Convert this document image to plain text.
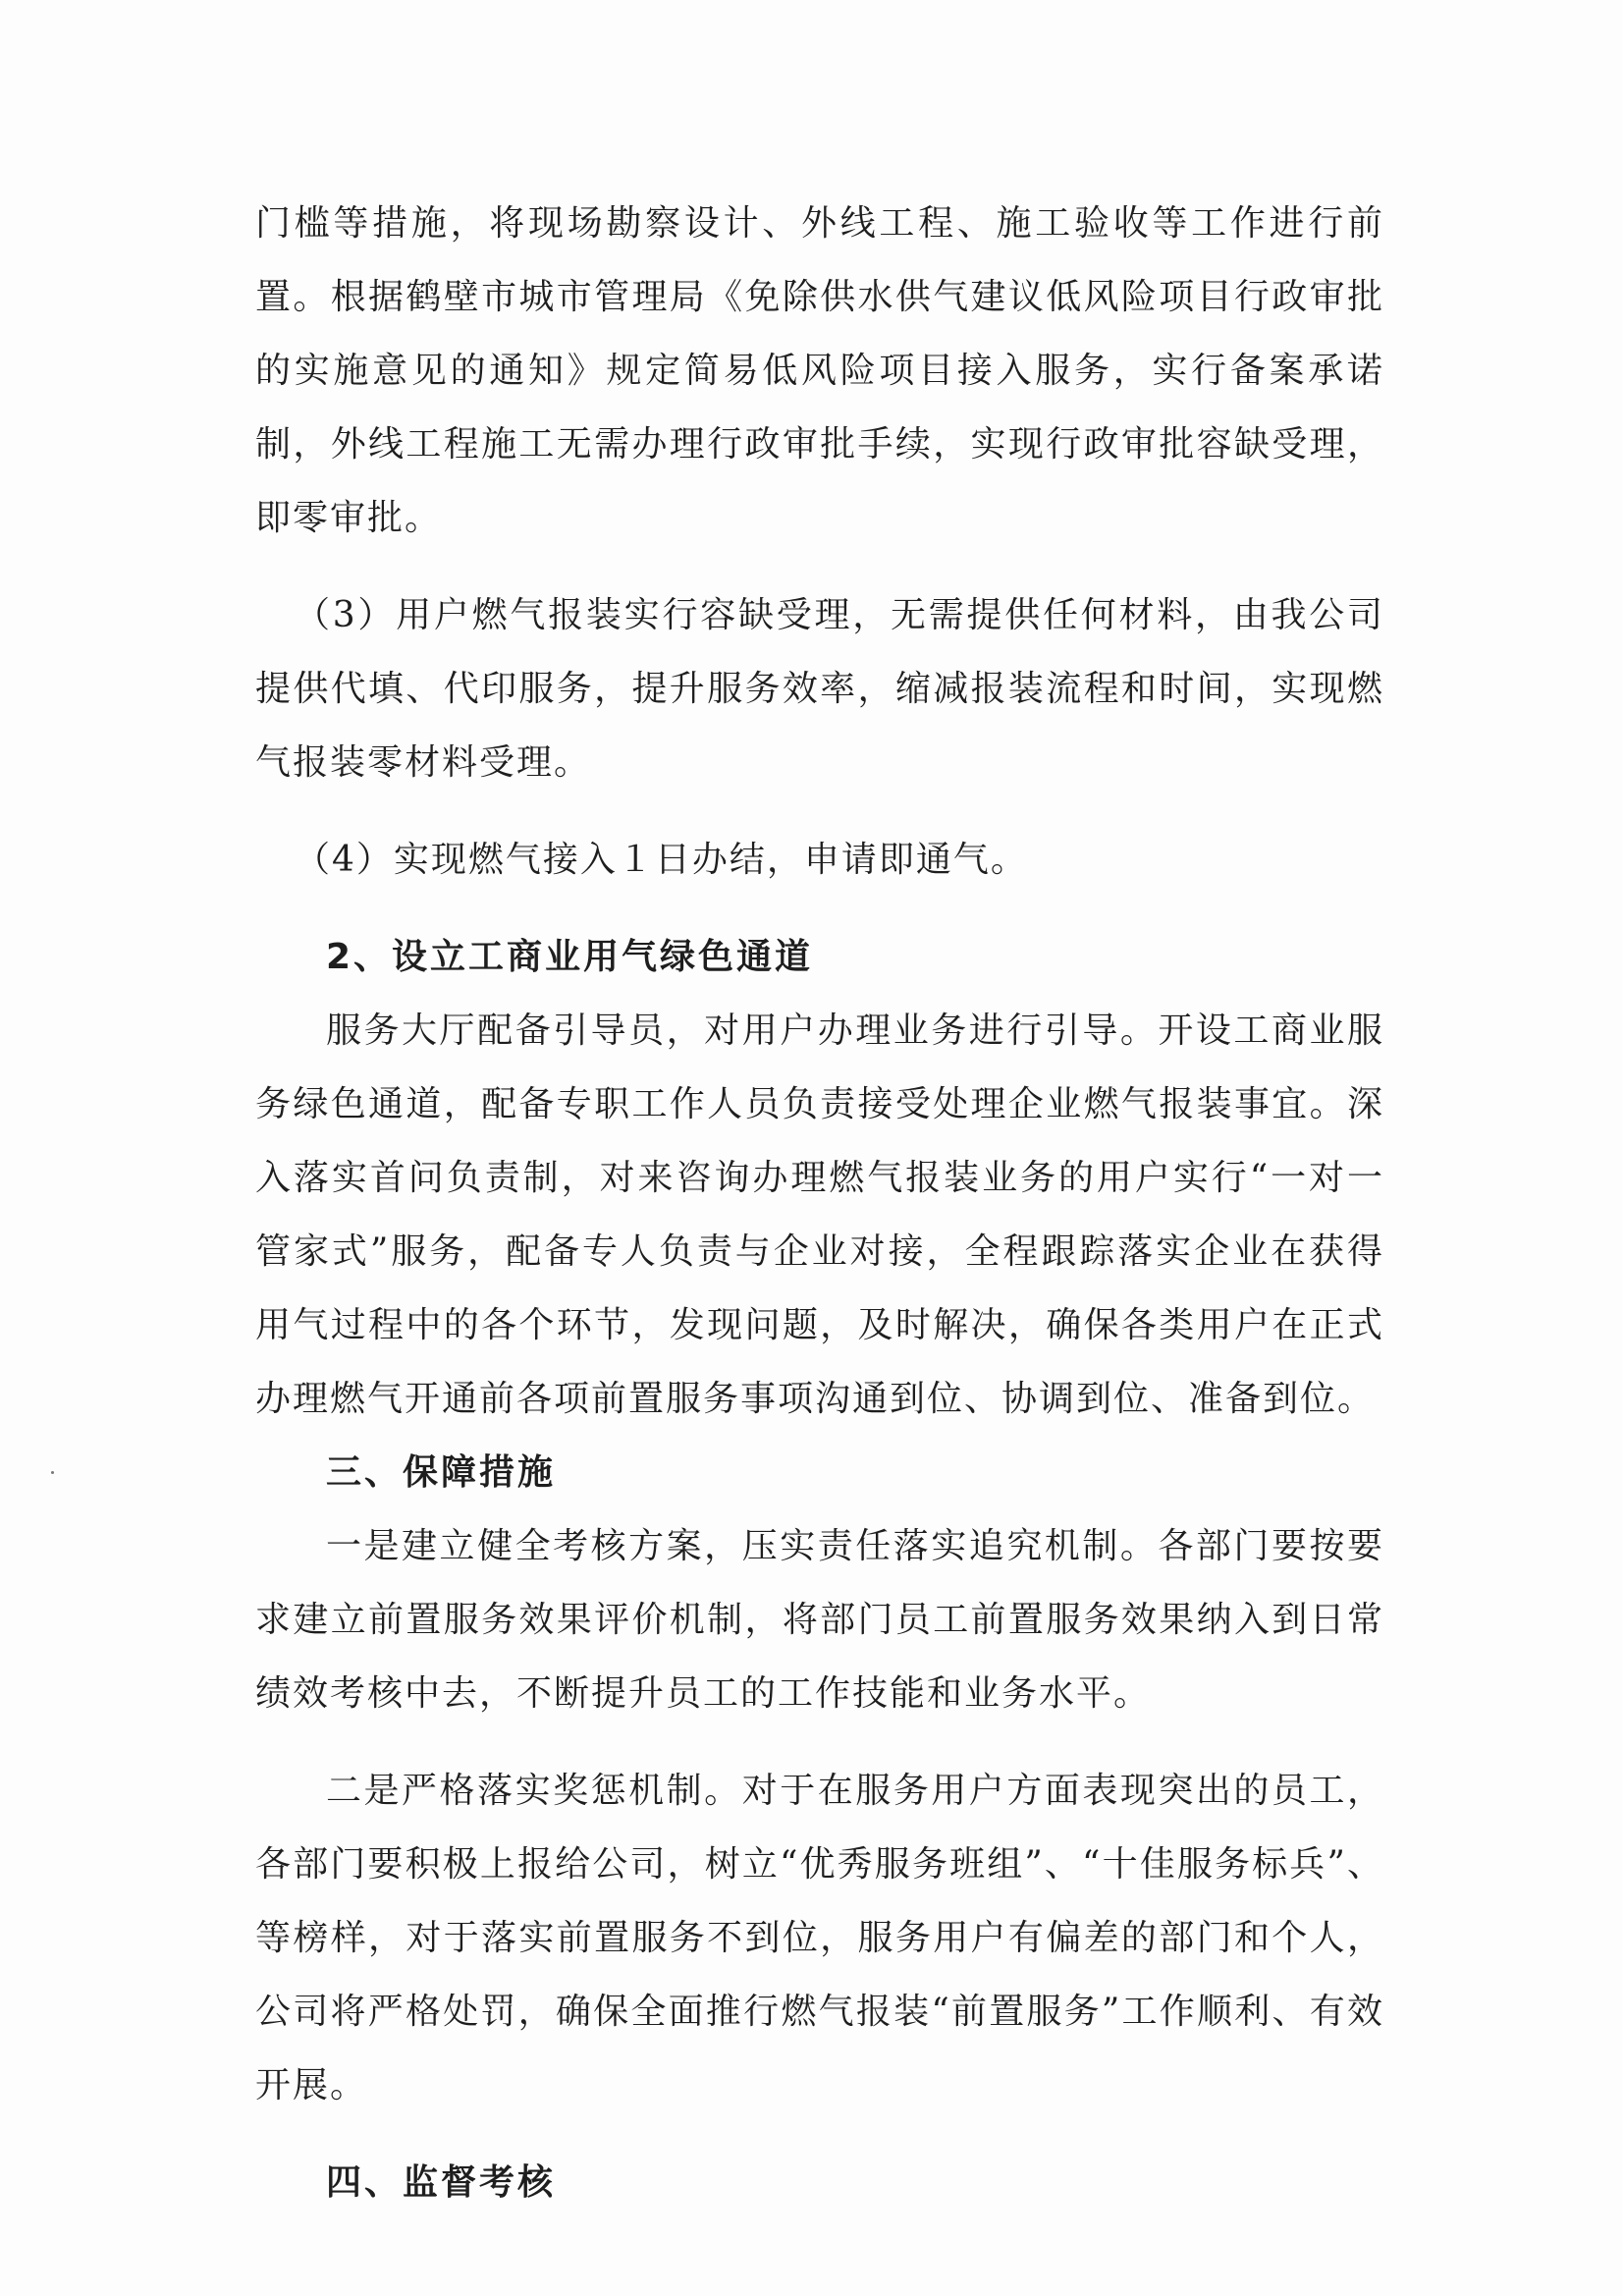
门槛等措施，将现场勘察设计、外线工程、施工验收等工作进行前置。根据鹤壁市城市管理局《免除供水供气建议低风险项目行政审批的实施意见的通知》规定简易低风险项目接入服务，实行备案承诺制，外线工程施工无需办理行政审批手续，实现行政审批容缺受理，即零审批。

（3）用户燃气报装实行容缺受理，无需提供任何材料，由我公司提供代填、代印服务，提升服务效率，缩减报装流程和时间，实现燃气报装零材料受理。

（4）实现燃气接入１日办结，申请即通气。

2、设立工商业用气绿色通道

服务大厅配备引导员，对用户办理业务进行引导。开设工商业服务绿色通道，配备专职工作人员负责接受处理企业燃气报装事宜。深入落实首问负责制，对来咨询办理燃气报装业务的用户实行“一对一管家式”服务，配备专人负责与企业对接，全程跟踪落实企业在获得用气过程中的各个环节，发现问题，及时解决，确保各类用户在正式办理燃气开通前各项前置服务事项沟通到位、协调到位、准备到位。

三、保障措施

一是建立健全考核方案，压实责任落实追究机制。各部门要按要求建立前置服务效果评价机制，将部门员工前置服务效果纳入到日常绩效考核中去，不断提升员工的工作技能和业务水平。

二是严格落实奖惩机制。对于在服务用户方面表现突出的员工，各部门要积极上报给公司，树立“优秀服务班组”、“十佳服务标兵”、等榜样，对于落实前置服务不到位，服务用户有偏差的部门和个人，公司将严格处罚，确保全面推行燃气报装“前置服务”工作顺利、有效开展。

四、监督考核
